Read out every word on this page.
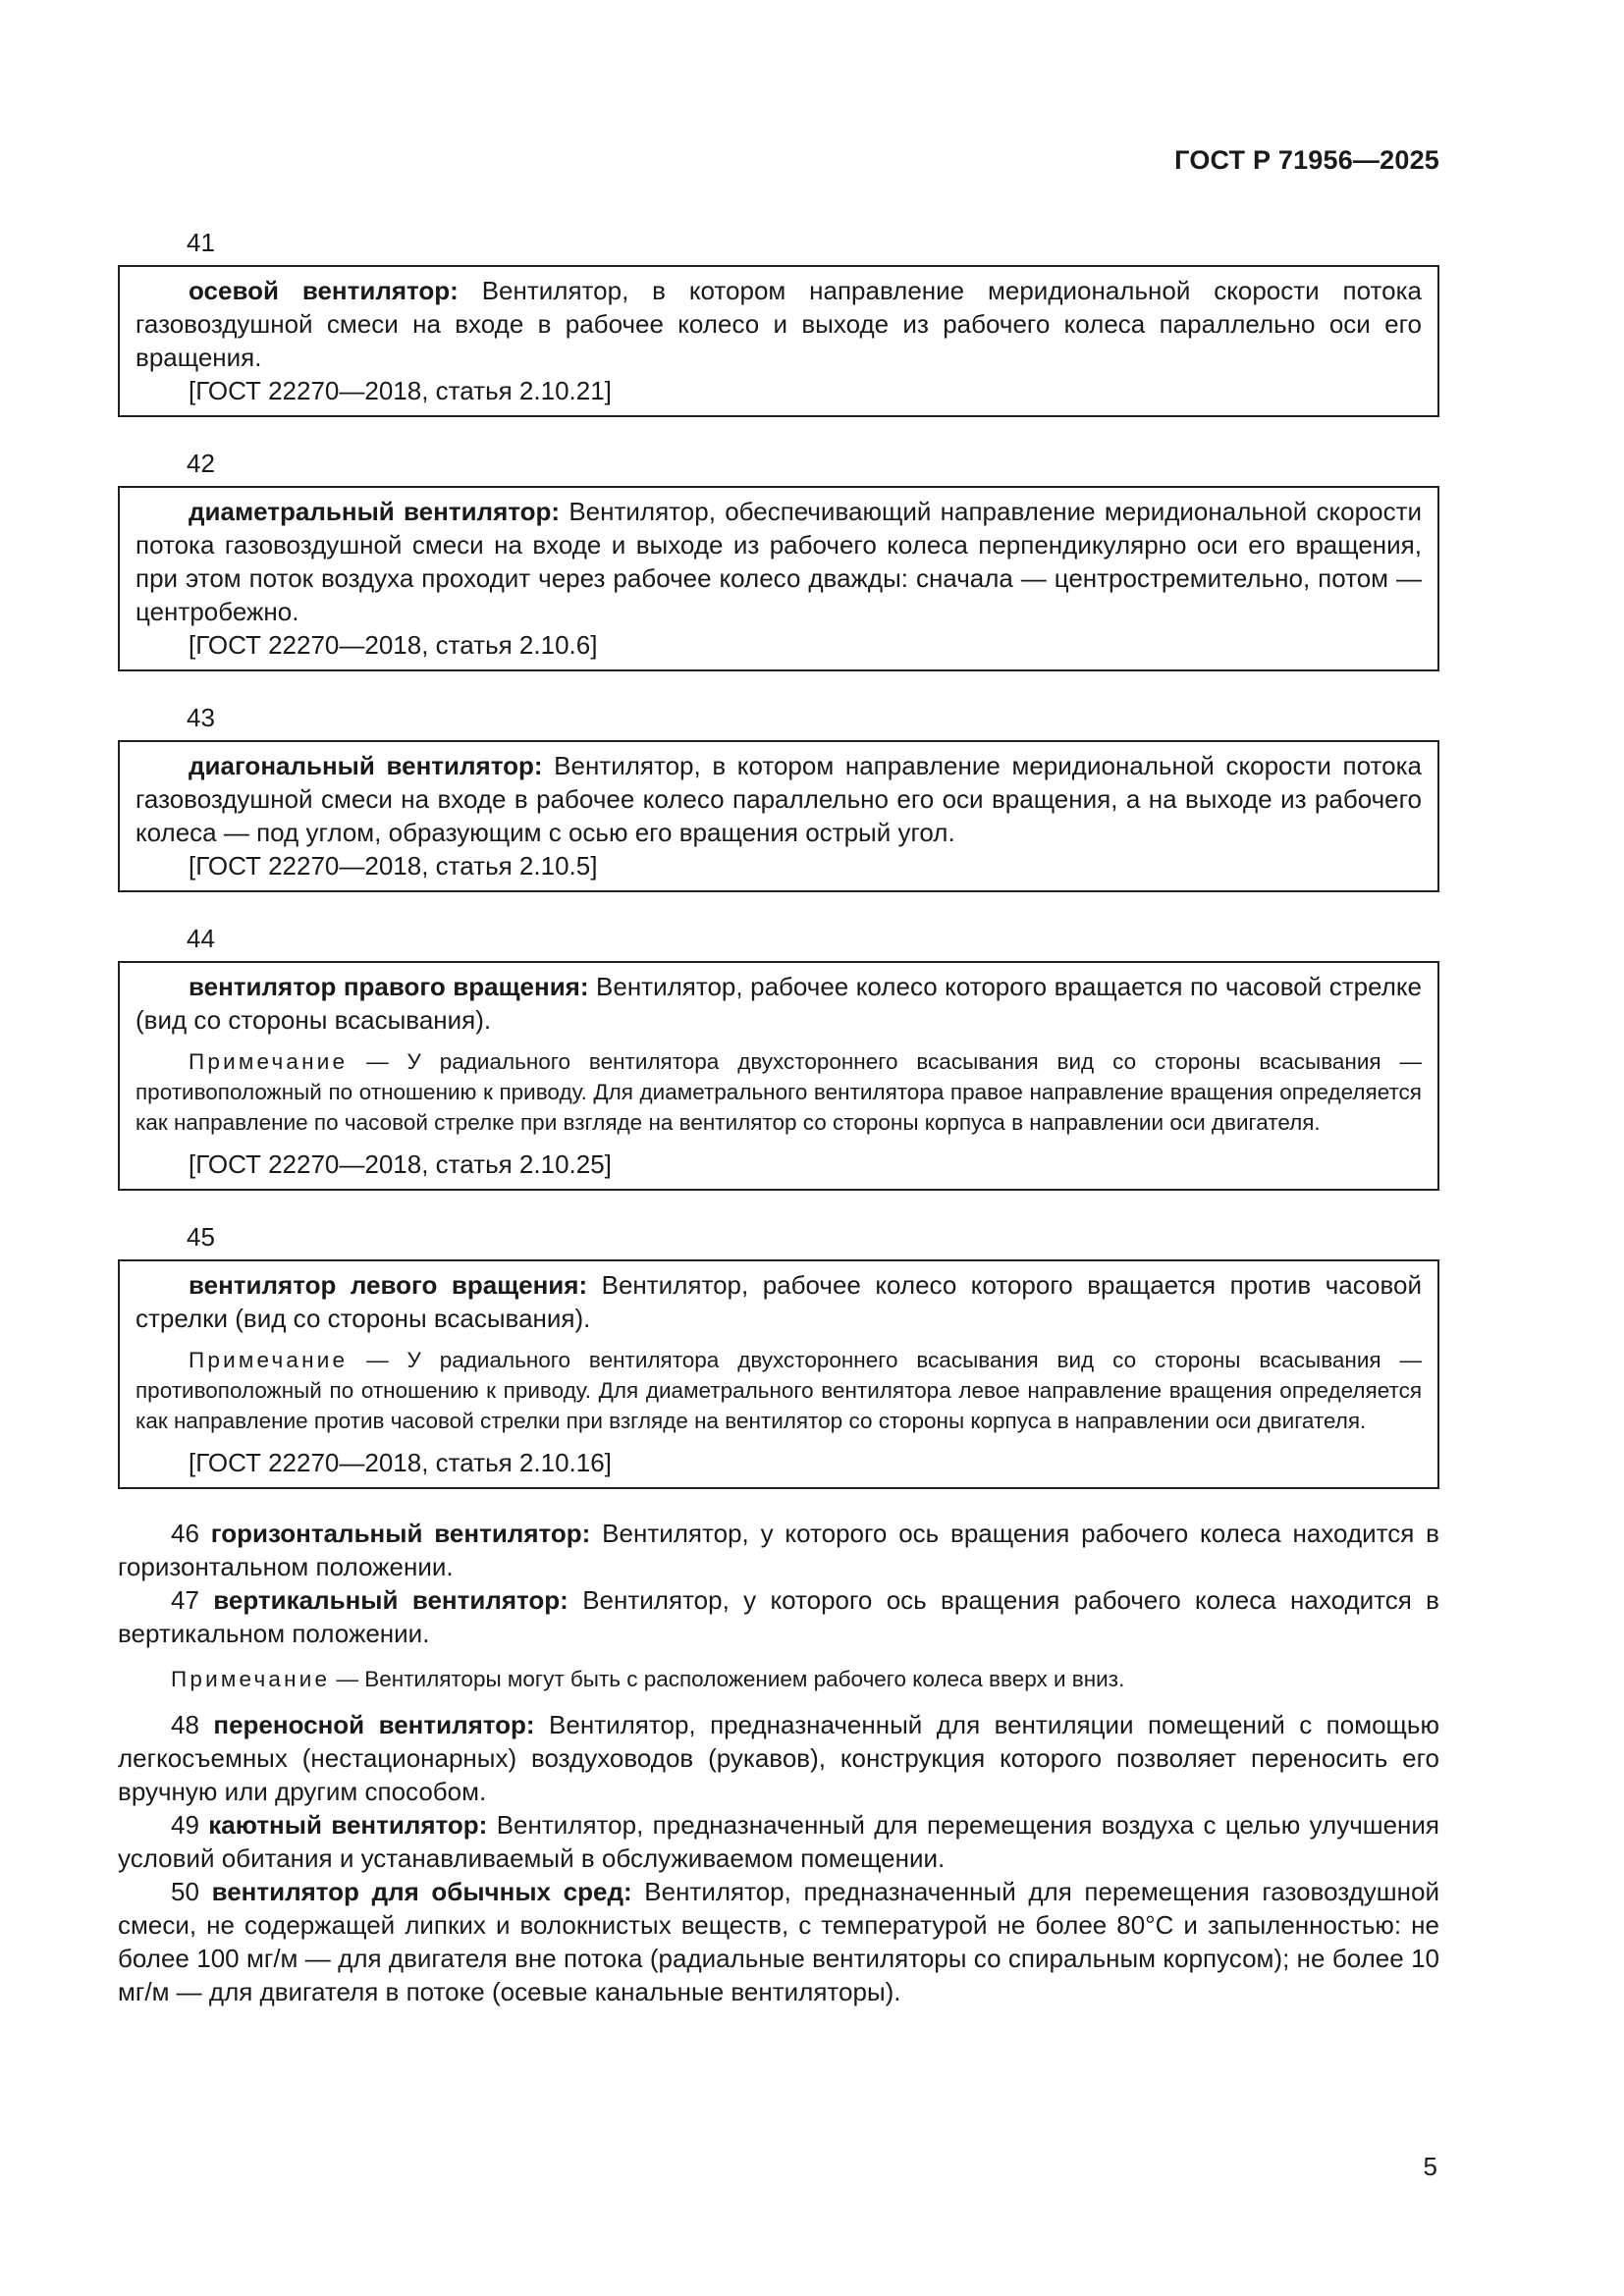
ГОСТ Р 71956—2025
41

осевой вентилятор: Вентилятор, в котором направление меридиональной скорости потока газовоздушной смеси на входе в рабочее колесо и выходе из рабочего колеса параллельно оси его вращения.

[ГОСТ 22270—2018, статья 2.10.21]

42

диаметральный вентилятор: Вентилятор, обеспечивающий направление меридиональной скорости потока газовоздушной смеси на входе и выходе из рабочего колеса перпендикулярно оси его вращения, при этом поток воздуха проходит через рабочее колесо дважды: сначала — центростремительно, потом — центробежно.

[ГОСТ 22270—2018, статья 2.10.6]

43

диагональный вентилятор: Вентилятор, в котором направление меридиональной скорости потока газовоздушной смеси на входе в рабочее колесо параллельно его оси вращения, а на выходе из рабочего колеса — под углом, образующим с осью его вращения острый угол.

[ГОСТ 22270—2018, статья 2.10.5]

44

вентилятор правого вращения: Вентилятор, рабочее колесо которого вращается по часовой стрелке (вид со стороны всасывания).

Примечание — У радиального вентилятора двухстороннего всасывания вид со стороны всасывания — противоположный по отношению к приводу. Для диаметрального вентилятора правое направление вращения определяется как направление по часовой стрелке при взгляде на вентилятор со стороны корпуса в направлении оси двигателя.

[ГОСТ 22270—2018, статья 2.10.25]

45

вентилятор левого вращения: Вентилятор, рабочее колесо которого вращается против часовой стрелки (вид со стороны всасывания).

Примечание — У радиального вентилятора двухстороннего всасывания вид со стороны всасывания — противоположный по отношению к приводу. Для диаметрального вентилятора левое направление вращения определяется как направление против часовой стрелки при взгляде на вентилятор со стороны корпуса в направлении оси двигателя.

[ГОСТ 22270—2018, статья 2.10.16]

46 горизонтальный вентилятор: Вентилятор, у которого ось вращения рабочего колеса находится в горизонтальном положении.

47 вертикальный вентилятор: Вентилятор, у которого ось вращения рабочего колеса находится в вертикальном положении.

Примечание — Вентиляторы могут быть с расположением рабочего колеса вверх и вниз.

48 переносной вентилятор: Вентилятор, предназначенный для вентиляции помещений с помощью легкосъемных (нестационарных) воздуховодов (рукавов), конструкция которого позволяет переносить его вручную или другим способом.

49 каютный вентилятор: Вентилятор, предназначенный для перемещения воздуха с целью улучшения условий обитания и устанавливаемый в обслуживаемом помещении.

50 вентилятор для обычных сред: Вентилятор, предназначенный для перемещения газовоздушной смеси, не содержащей липких и волокнистых веществ, с температурой не более 80°С и запыленностью: не более 100 мг/м — для двигателя вне потока (радиальные вентиляторы со спиральным корпусом); не более 10 мг/м — для двигателя в потоке (осевые канальные вентиляторы).

5
